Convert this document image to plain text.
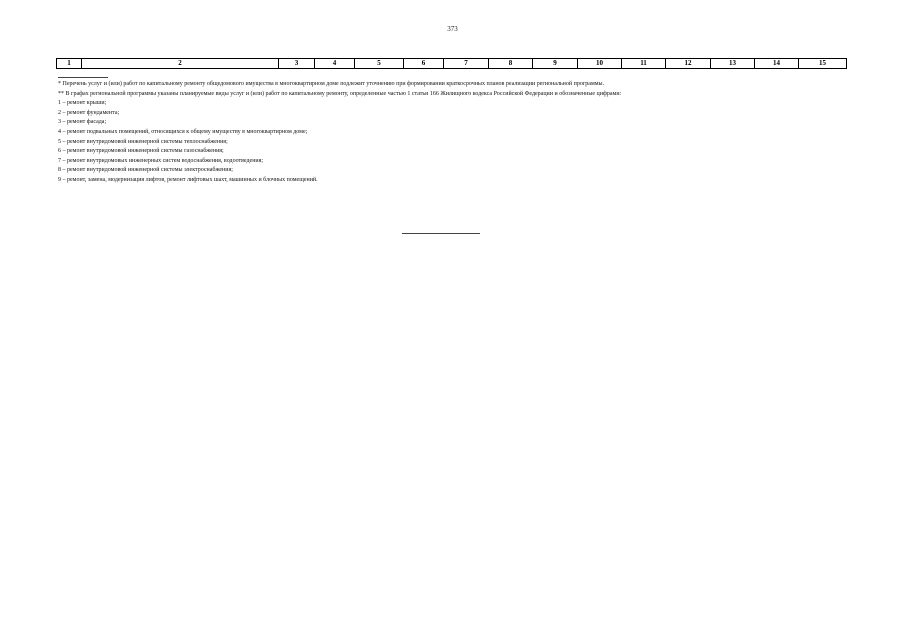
373
1	2	3	4	5	6	7	8	9	10	11	12	13	14	15

* Перечень услуг и (или) работ по капитальному ремонту общедомового имущества в многоквартирном доме подлежит уточнению при формировании краткосрочных планов реализации региональной программы.

** В графах региональной программы указаны планируемые виды услуг и (или) работ по капитальному ремонту, определенные частью 1 статьи 166 Жилищного кодекса Российской Федерации и обозначенные цифрами:

1 – ремонт крыши;

2 – ремонт фундамента;

3 – ремонт фасада;

4 – ремонт подвальных помещений, относящихся к общему имуществу в многоквартирном доме;

5 – ремонт внутридомовой инженерной системы теплоснабжения;

6 – ремонт внутридомовой инженерной системы газоснабжения;

7 – ремонт внутридомовых инженерных систем водоснабжения, водоотведения;

8 – ремонт внутридомовой инженерной системы электроснабжения;

9 – ремонт, замена, модернизация лифтов, ремонт лифтовых шахт, машинных и блочных помещений.
